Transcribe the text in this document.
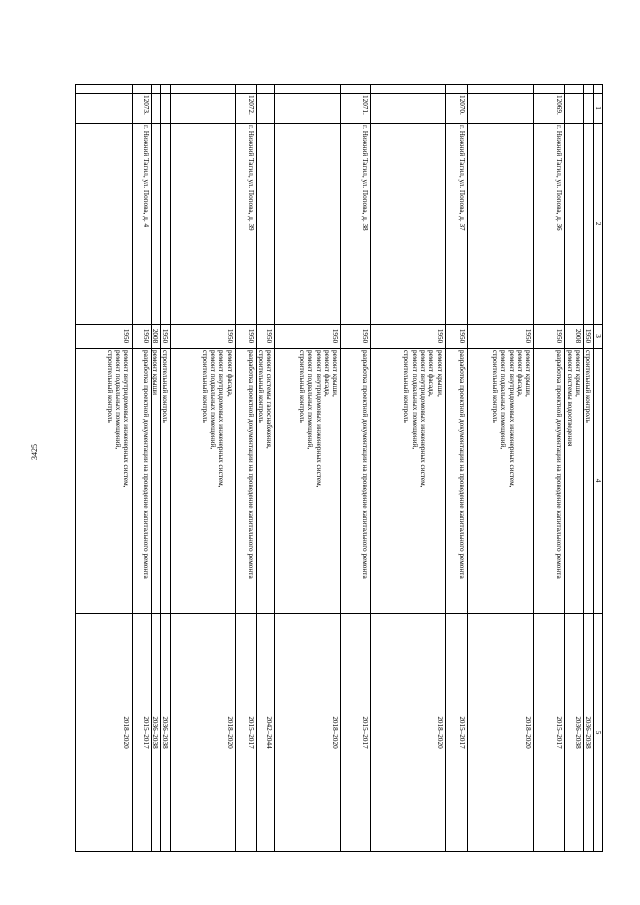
3425
1
2
3
4
5
1950
строительный контроль
2036–2038
2008
ремонт крыши,
ремонт системы водоотведения
2036–2038
12069.
г. Нижний Тагил, ул. Попова, д. 36
1950
разработка проектной документации на проведение капитального ремонта
2015–2017
1950
ремонт крыши,
ремонт фасада,
ремонт внутридомовых инженерных систем,
ремонт подвальных помещений,
строительный контроль
2018–2020
12070.
г. Нижний Тагил, ул. Попова, д. 37
1950
разработка проектной документации на проведение капитального ремонта
2015–2017
1950
ремонт крыши,
ремонт фасада,
ремонт внутридомовых инженерных систем,
ремонт подвальных помещений,
строительный контроль
2018–2020
12071.
г. Нижний Тагил, ул. Попова, д. 38
1950
разработка проектной документации на проведение капитального ремонта
2015–2017
1950
ремонт крыши,
ремонт фасада,
ремонт внутридомовых инженерных систем,
ремонт подвальных помещений,
строительный контроль
2018–2020
1950
ремонт системы газоснабжения,
строительный контроль
2042–2044
12072.
г. Нижний Тагил, ул. Попова, д. 39
1950
разработка проектной документации на проведение капитального ремонта
2015–2017
1950
ремонт фасада,
ремонт внутридомовых инженерных систем,
ремонт подвальных помещений,
строительный контроль
2018–2020
1950
строительный контроль
2036–2038
2008
ремонт крыши
2036–2038
12073.
г. Нижний Тагил, ул. Попова, д. 4
1950
разработка проектной документации на проведение капитального ремонта
2015–2017
1950
ремонт внутридомовых инженерных систем,
ремонт подвальных помещений,
строительный контроль
2018–2020
